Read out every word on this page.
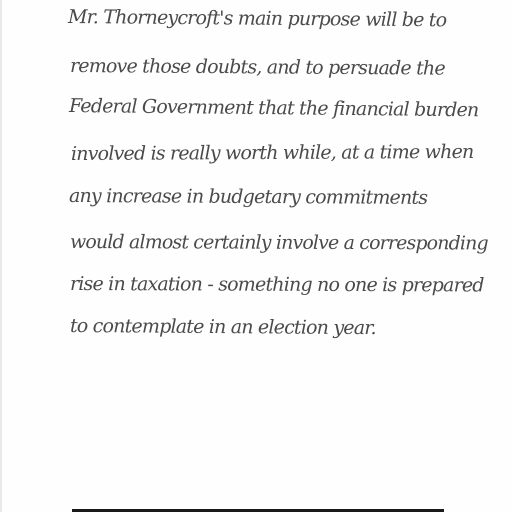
Mr. Thorneycroft's main purpose will be to

remove those doubts, and to persuade the

Federal Government that the financial burden

involved is really worth while, at a time when

any increase in budgetary commitments

would almost certainly involve a corresponding

rise in taxation - something no one is prepared

to contemplate in an election year.
